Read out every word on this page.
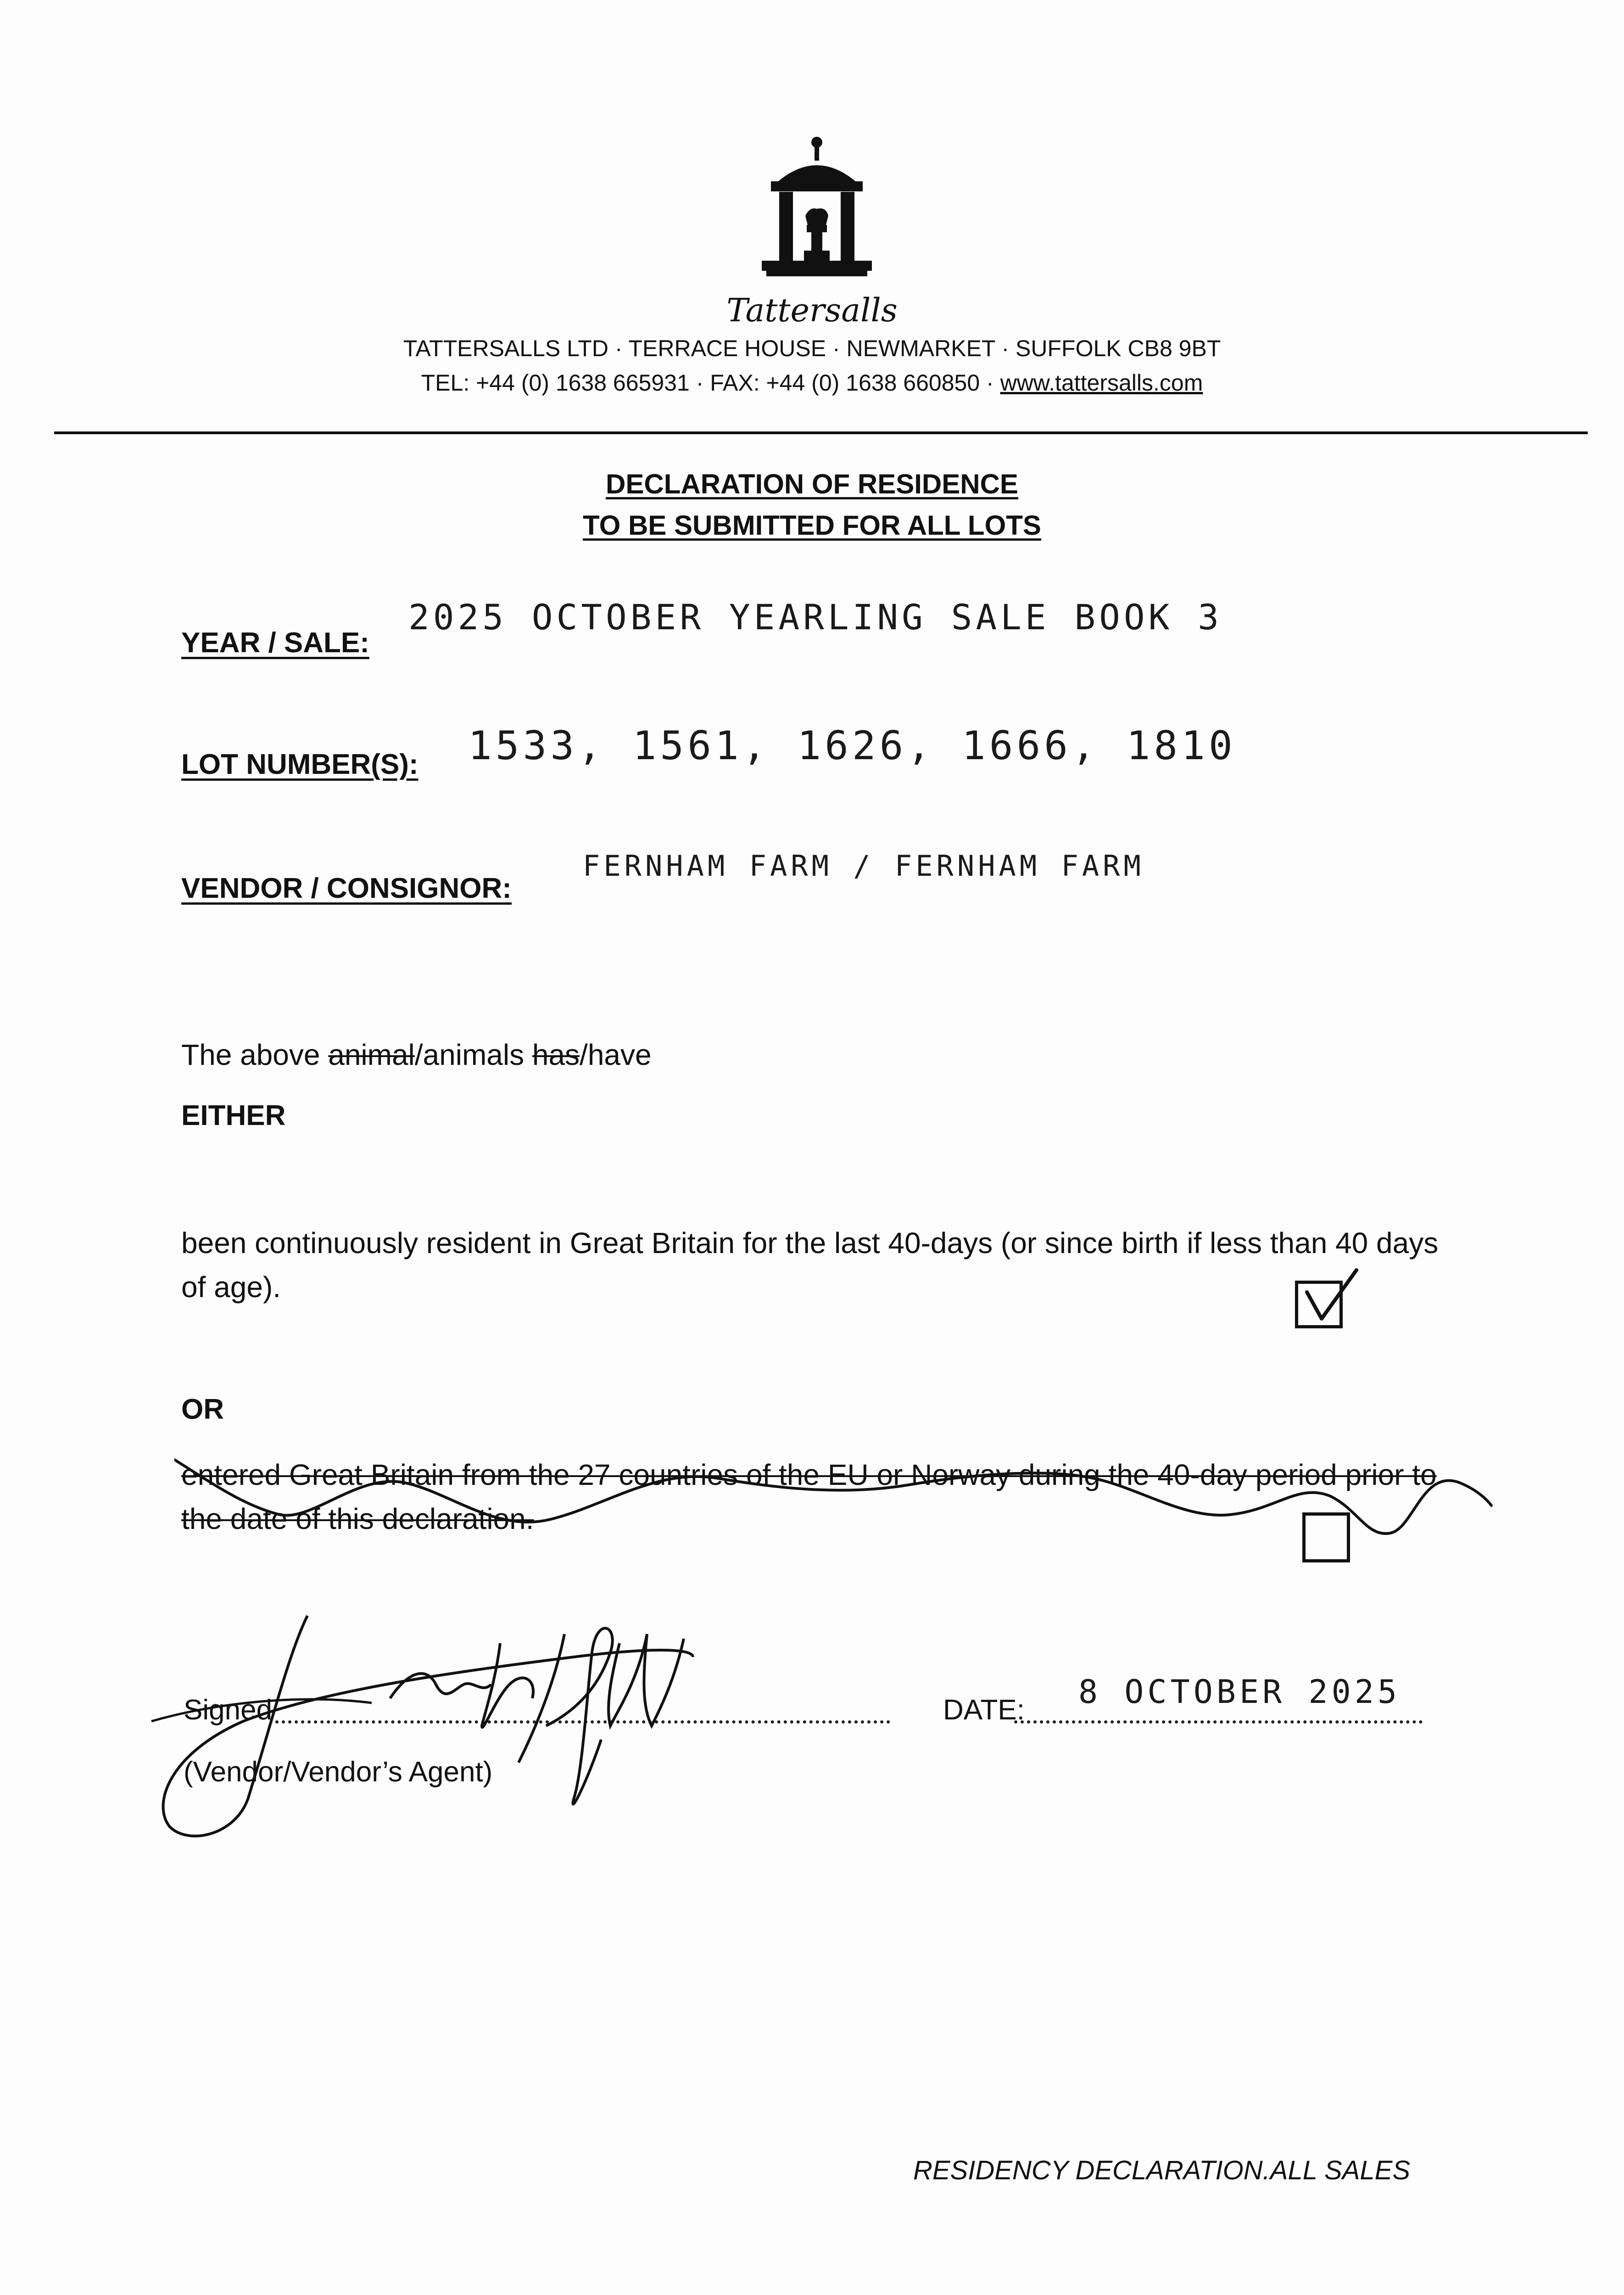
Tattersalls
TATTERSALLS LTD · TERRACE HOUSE · NEWMARKET · SUFFOLK CB8 9BT
TEL: +44 (0) 1638 665931 · FAX: +44 (0) 1638 660850 · www.tattersalls.com
DECLARATION OF RESIDENCE
TO BE SUBMITTED FOR ALL LOTS
YEAR / SALE:
2025 OCTOBER YEARLING SALE BOOK 3
LOT NUMBER(S): 1533, 1561, 1626, 1666, 1810
VENDOR / CONSIGNOR:
FERNHAM FARM / FERNHAM FARM
The above animal/animals has/have
EITHER
been continuously resident in Great Britain for the last 40-days (or since birth if less than 40 days of age).
OR
entered Great Britain from the 27 countries of the EU or Norway during the 40-day period prior to the date of this declaration.
Signed
(Vendor/Vendor’s Agent)
DATE: 8 OCTOBER 2025
RESIDENCY DECLARATION.ALL SALES
